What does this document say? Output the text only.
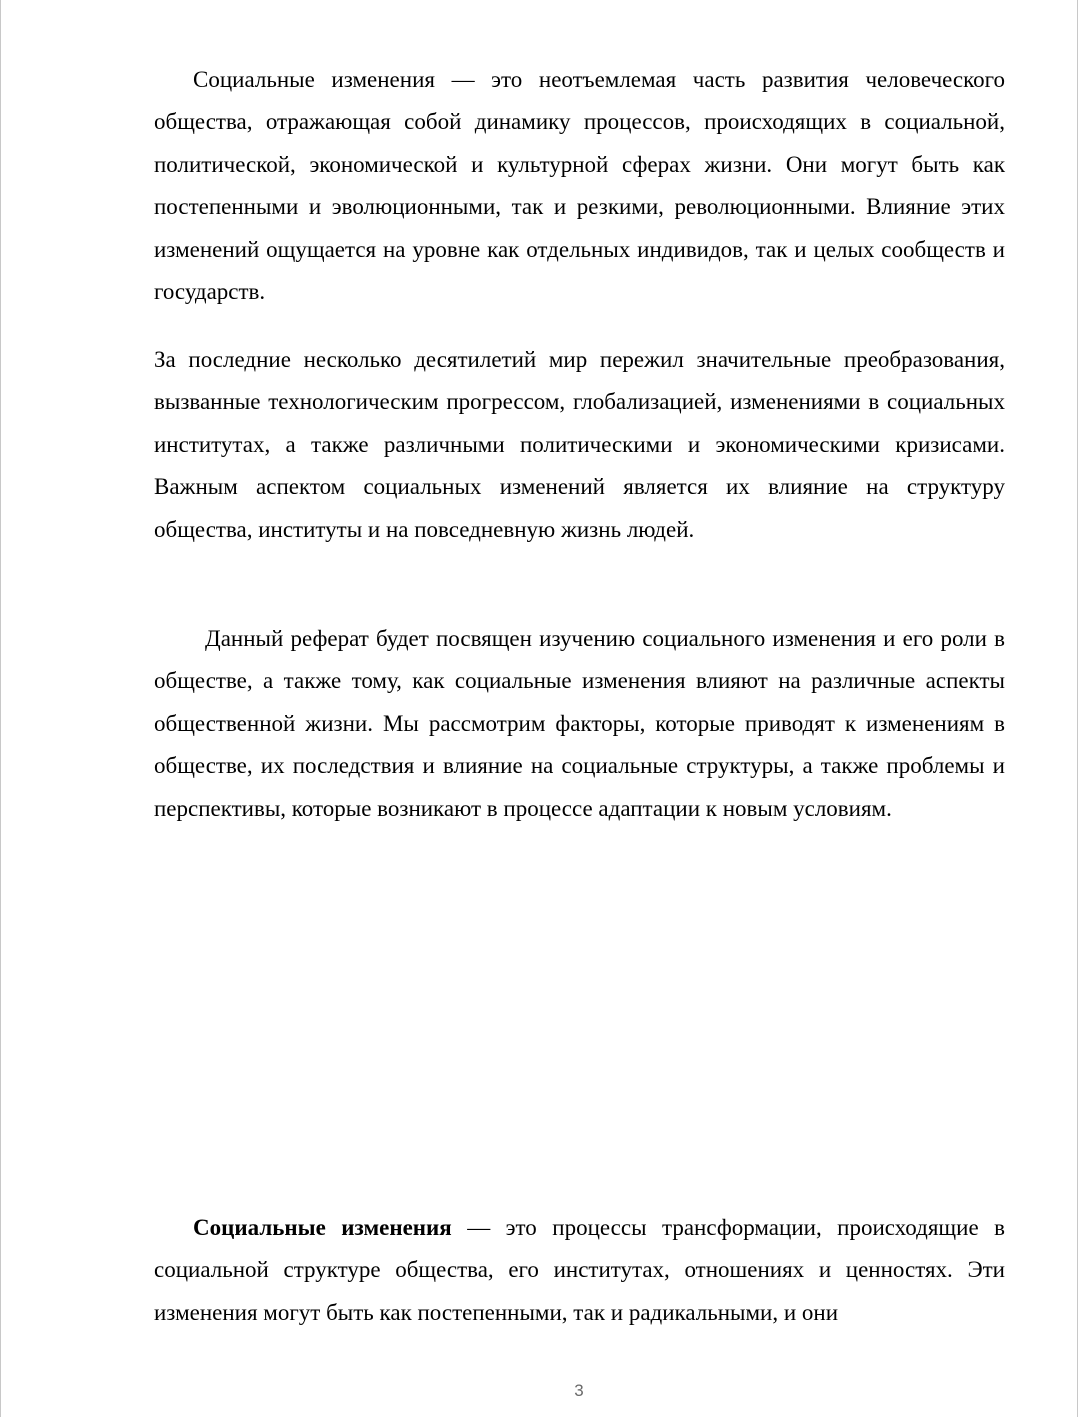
Социальные изменения — это неотъемлемая часть развития человеческого общества, отражающая собой динамику процессов, происходящих в социальной, политической, экономической и культурной сферах жизни. Они могут быть как постепенными и эволюционными, так и резкими, революционными. Влияние этих изменений ощущается на уровне как отдельных индивидов, так и целых сообществ и государств.

За последние несколько десятилетий мир пережил значительные преобразования, вызванные технологическим прогрессом, глобализацией, изменениями в социальных институтах, а также различными политическими и экономическими кризисами. Важным аспектом социальных изменений является их влияние на структуру общества, институты и на повседневную жизнь людей.

Данный реферат будет посвящен изучению социального изменения и его роли в обществе, а также тому, как социальные изменения влияют на различные аспекты общественной жизни. Мы рассмотрим факторы, которые приводят к изменениям в обществе, их последствия и влияние на социальные структуры, а также проблемы и перспективы, которые возникают в процессе адаптации к новым условиям.

Социальные изменения — это процессы трансформации, происходящие в социальной структуре общества, его институтах, отношениях и ценностях. Эти изменения могут быть как постепенными, так и радикальными, и они

3
